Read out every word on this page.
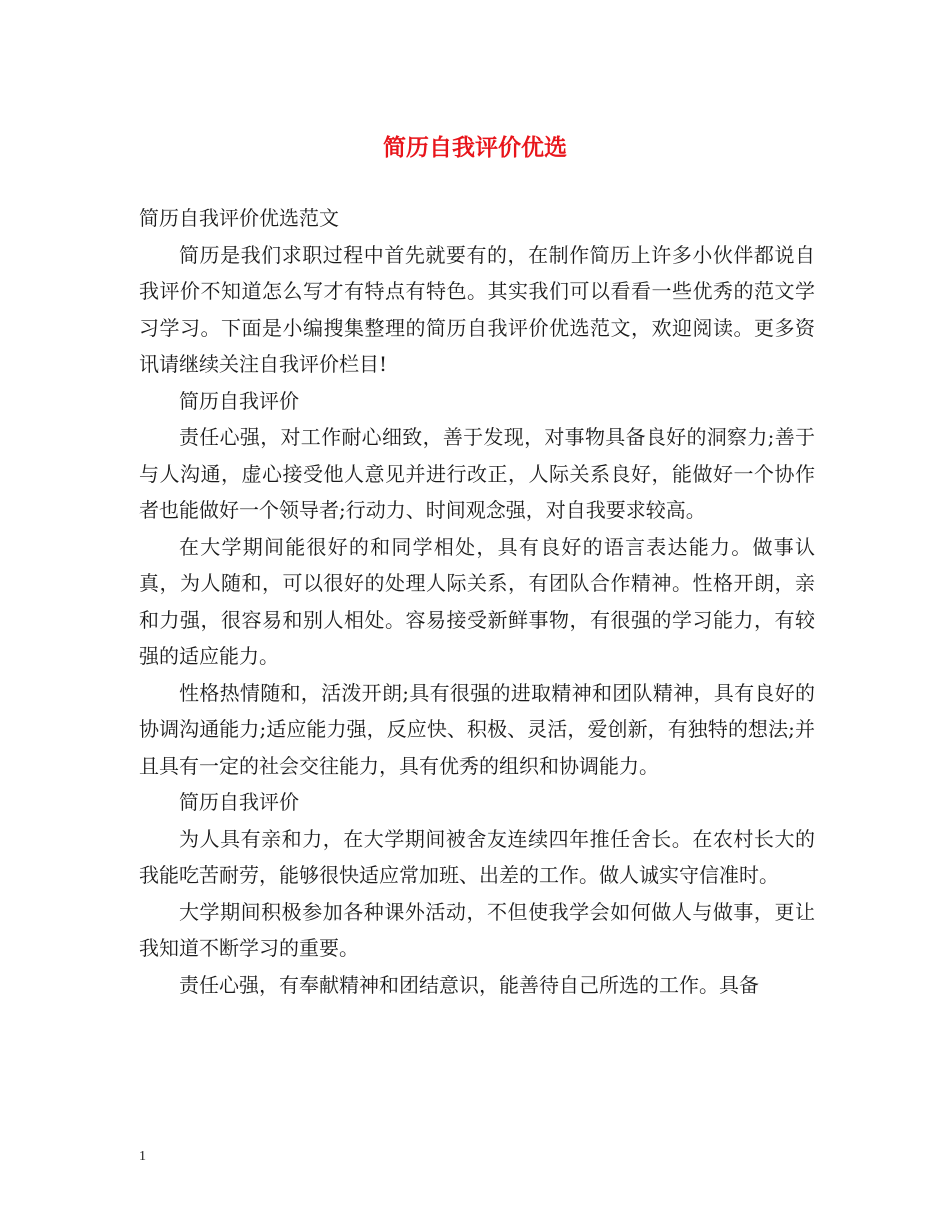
简历自我评价优选

简历自我评价优选范文

简历是我们求职过程中首先就要有的，在制作简历上许多小伙伴都说自我评价不知道怎么写才有特点有特色。其实我们可以看看一些优秀的范文学习学习。下面是小编搜集整理的简历自我评价优选范文，欢迎阅读。更多资讯请继续关注自我评价栏目!

简历自我评价

责任心强，对工作耐心细致，善于发现，对事物具备良好的洞察力;善于与人沟通，虚心接受他人意见并进行改正，人际关系良好，能做好一个协作者也能做好一个领导者;行动力、时间观念强，对自我要求较高。

在大学期间能很好的和同学相处，具有良好的语言表达能力。做事认真，为人随和，可以很好的处理人际关系，有团队合作精神。性格开朗，亲和力强，很容易和别人相处。容易接受新鲜事物，有很强的学习能力，有较强的适应能力。

性格热情随和，活泼开朗;具有很强的进取精神和团队精神，具有良好的协调沟通能力;适应能力强，反应快、积极、灵活，爱创新，有独特的想法;并且具有一定的社会交往能力，具有优秀的组织和协调能力。

简历自我评价

为人具有亲和力，在大学期间被舍友连续四年推任舍长。在农村长大的我能吃苦耐劳，能够很快适应常加班、出差的工作。做人诚实守信准时。

大学期间积极参加各种课外活动，不但使我学会如何做人与做事，更让我知道不断学习的重要。

责任心强，有奉献精神和团结意识，能善待自己所选的工作。具备

1
